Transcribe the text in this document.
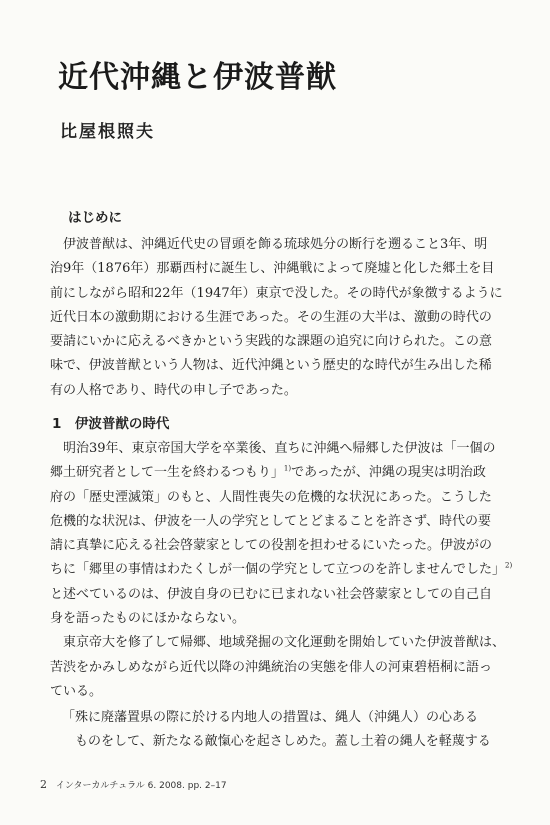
近代沖縄と伊波普猷
比屋根照夫
はじめに

　伊波普猷は、沖縄近代史の冒頭を飾る琉球処分の断行を遡ること3年、明
治9年（1876年）那覇西村に誕生し、沖縄戦によって廃墟と化した郷土を目
前にしながら昭和22年（1947年）東京で没した。その時代が象徴するように
近代日本の激動期における生涯であった。その生涯の大半は、激動の時代の
要請にいかに応えるべきかという実践的な課題の追究に向けられた。この意
味で、伊波普猷という人物は、近代沖縄という歴史的な時代が生み出した稀
有の人格であり、時代の申し子であった。

1　伊波普猷の時代

　明治39年、東京帝国大学を卒業後、直ちに沖縄へ帰郷した伊波は「一個の
郷土研究者として一生を終わるつもり」$^{1)}$であったが、沖縄の現実は明治政
府の「歴史湮滅策」のもと、人間性喪失の危機的な状況にあった。こうした
危機的な状況は、伊波を一人の学究としてとどまることを許さず、時代の要
請に真摯に応える社会啓蒙家としての役割を担わせるにいたった。伊波がの
ちに「郷里の事情はわたくしが一個の学究として立つのを許しませんでした」$^{2)}$
と述べているのは、伊波自身の已むに已まれない社会啓蒙家としての自己自
身を語ったものにほかならない。
　東京帝大を修了して帰郷、地域発掘の文化運動を開始していた伊波普猷は、
苦渋をかみしめながら近代以降の沖縄統治の実態を俳人の河東碧梧桐に語っ
ている。

「殊に廃藩置県の際に於ける内地人の措置は、縄人（沖縄人）の心ある
　ものをして、新たなる敵愾心を起さしめた。蓋し土着の縄人を軽蔑する

2 インターカルチュラル 6. 2008. pp. 2–17
